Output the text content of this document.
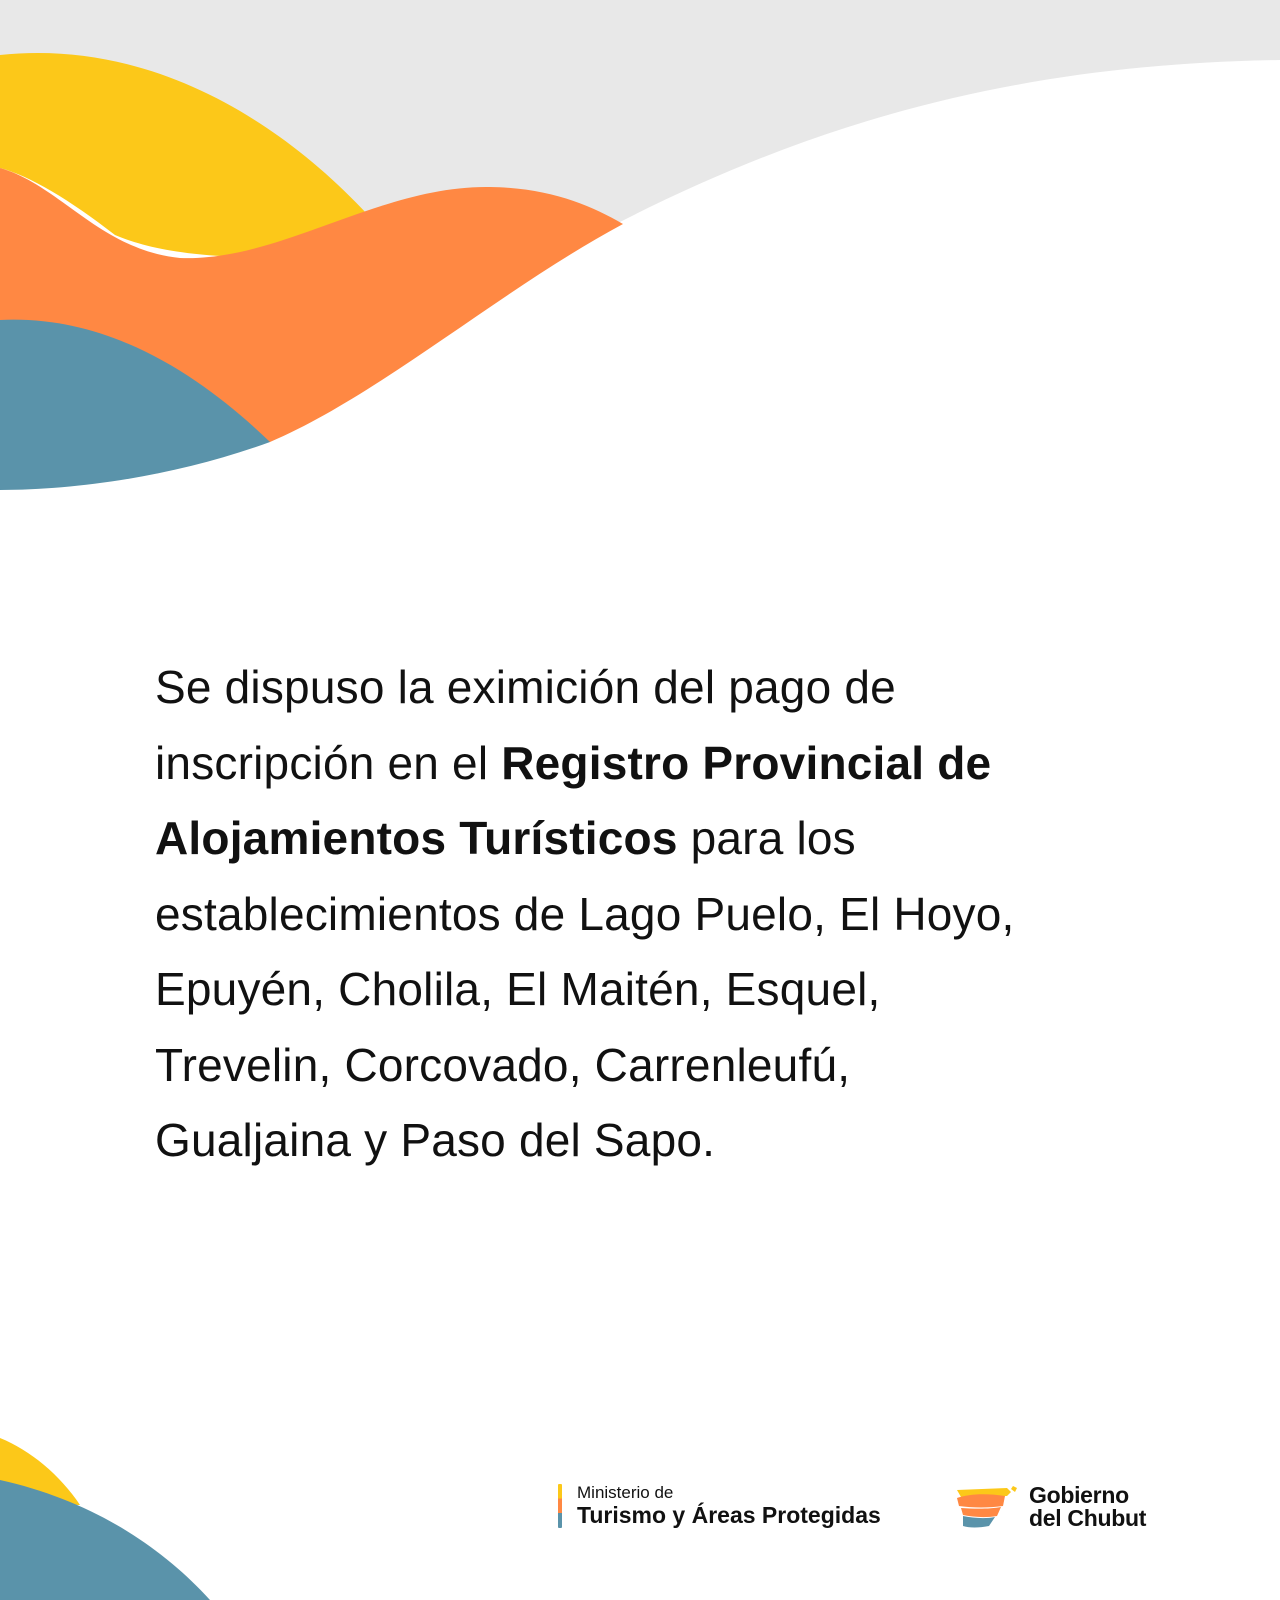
Se dispuso la eximición del pago de
inscripción en el Registro Provincial de
Alojamientos Turísticos para los
establecimientos de Lago Puelo, El Hoyo,
Epuyén, Cholila, El Maitén, Esquel,
Trevelin, Corcovado, Carrenleufú,
Gualjaina y Paso del Sapo.
Ministerio de
Turismo y Áreas Protegidas
Gobierno
del Chubut
